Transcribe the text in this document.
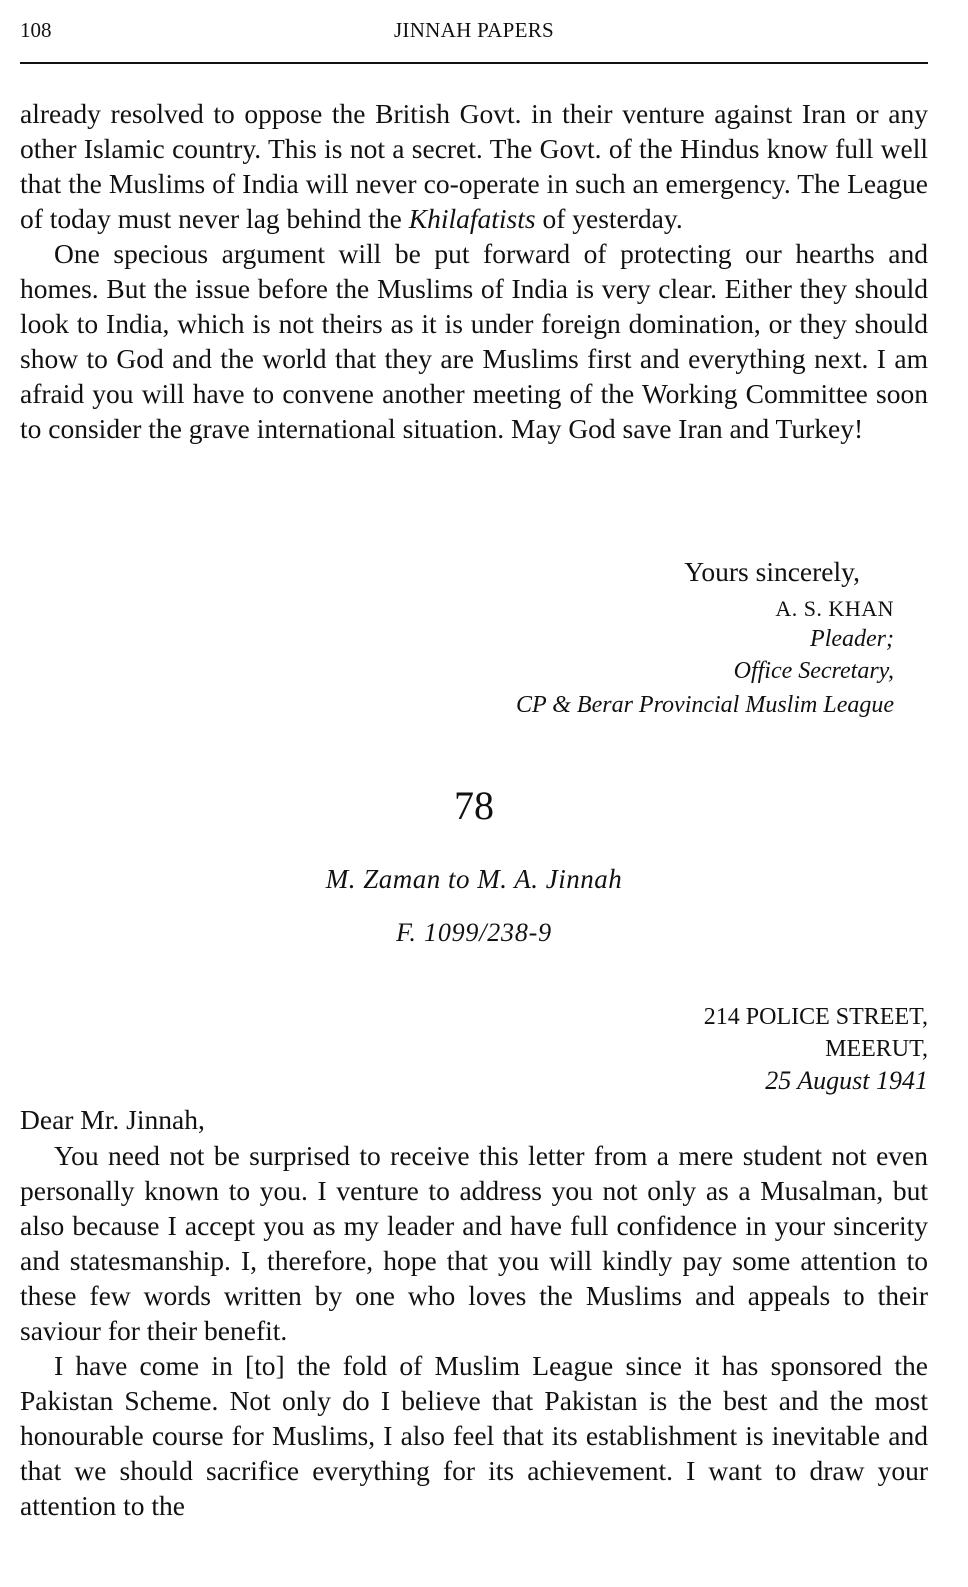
108	JINNAH PAPERS

already resolved to oppose the British Govt. in their venture against Iran or any other Islamic country. This is not a secret. The Govt. of the Hindus know full well that the Muslims of India will never co-operate in such an emergency. The League of today must never lag behind the Khilafatists of yesterday.

One specious argument will be put forward of protecting our hearths and homes. But the issue before the Muslims of India is very clear. Either they should look to India, which is not theirs as it is under foreign domination, or they should show to God and the world that they are Muslims first and everything next. I am afraid you will have to convene another meeting of the Working Committee soon to consider the grave international situation. May God save Iran and Turkey!

Yours sincerely,
A. S. KHAN
Pleader;
Office Secretary,
CP & Berar Provincial Muslim League
78
M. Zaman to M. A. Jinnah
F. 1099/238-9
214 POLICE STREET,
MEERUT,
25 August 1941
Dear Mr. Jinnah,

You need not be surprised to receive this letter from a mere student not even personally known to you. I venture to address you not only as a Musalman, but also because I accept you as my leader and have full confidence in your sincerity and statesmanship. I, therefore, hope that you will kindly pay some attention to these few words written by one who loves the Muslims and appeals to their saviour for their benefit.

I have come in [to] the fold of Muslim League since it has sponsored the Pakistan Scheme. Not only do I believe that Pakistan is the best and the most honourable course for Muslims, I also feel that its establishment is inevitable and that we should sacrifice everything for its achievement. I want to draw your attention to the
